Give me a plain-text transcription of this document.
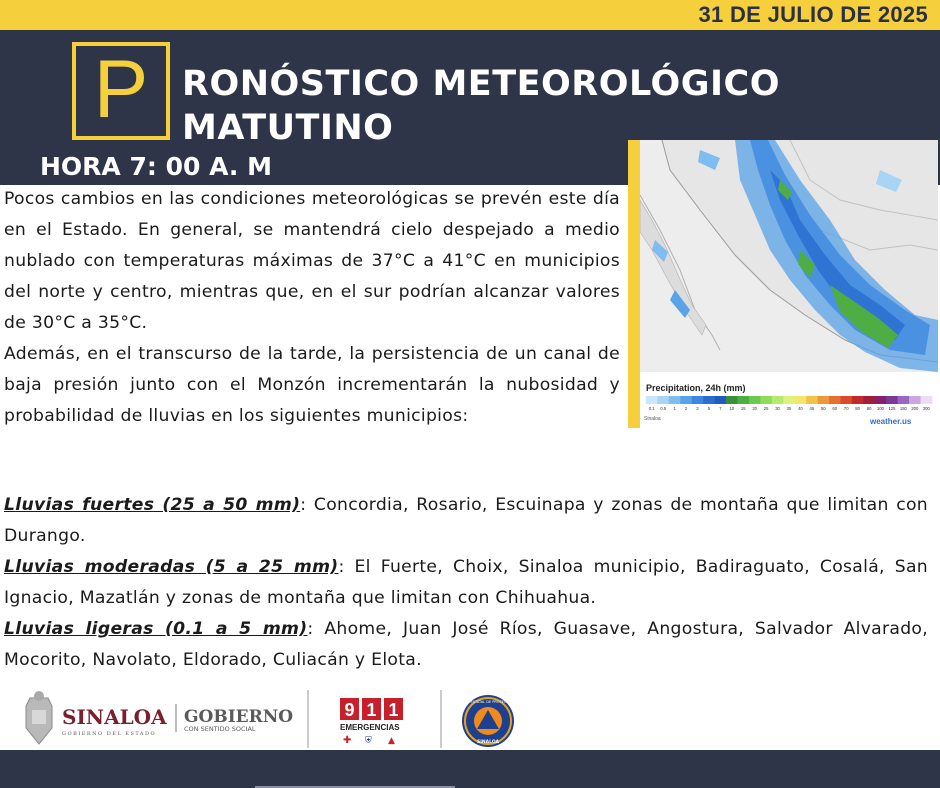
31 DE JULIO DE 2025
P RONÓSTICO METEOROLÓGICO
MATUTINO
HORA 7: 00 A. M
Precipitation, 24h (mm)
0.1 0.5 1 2 3 5 7 10 15 20 25 30 35 40 45 50 60 70 80 90 100 125 150 200 300
Sinaloa	weather.us

Pocos cambios en las condiciones meteorológicas se prevén este día en el Estado. En general, se mantendrá cielo despejado a medio nublado con temperaturas máximas de 37°C a 41°C en municipios del norte y centro, mientras que, en el sur podrían alcanzar valores de 30°C a 35°C.

Además, en el transcurso de la tarde, la persistencia de un canal de baja presión junto con el Monzón incrementarán la nubosidad y probabilidad de lluvias en los siguientes municipios:

Lluvias fuertes (25 a 50 mm): Concordia, Rosario, Escuinapa y zonas de montaña que limitan con Durango.

Lluvias moderadas (5 a 25 mm): El Fuerte, Choix, Sinaloa municipio, Badiraguato, Cosalá, San Ignacio, Mazatlán y zonas de montaña que limitan con Chihuahua.

Lluvias ligeras (0.1 a 5 mm): Ahome, Juan José Ríos, Guasave, Angostura, Salvador Alvarado, Mocorito, Navolato, Eldorado, Culiacán y Elota.

SINALOA
GOBIERNO DEL ESTADO
GOBIERNO
CON SENTIDO SOCIAL
9 1 1
EMERGENCIAS
✚ ⛨ ▲
INSTITUTO ESTATAL DE PROTECCIÓN CIVIL
SINALOA
